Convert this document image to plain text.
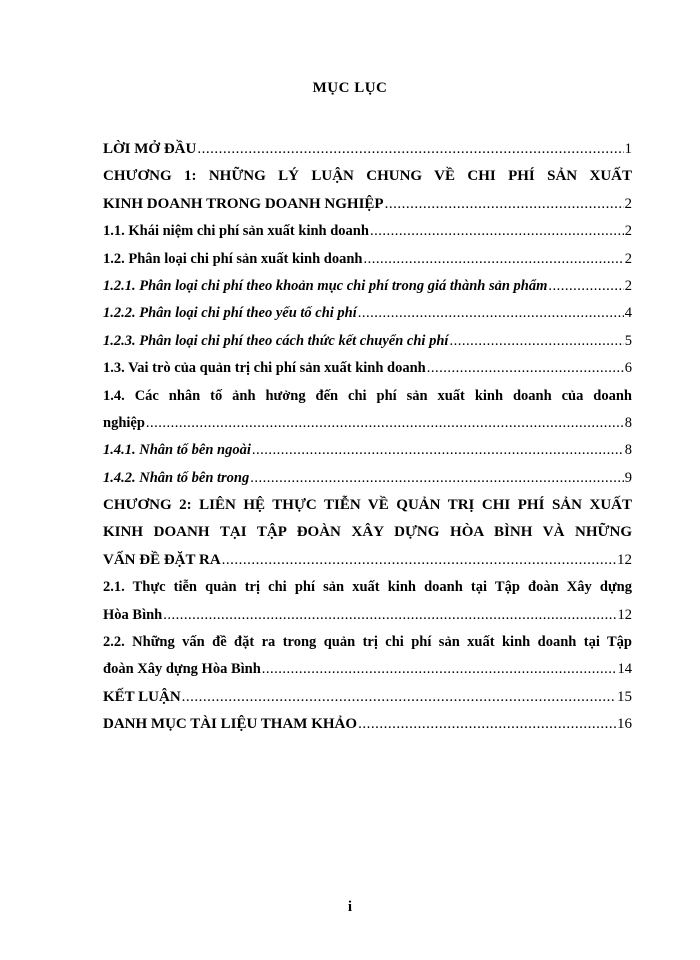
MỤC LỤC
LỜI MỞ ĐẦU .....	1
CHƯƠNG 1: NHỮNG LÝ LUẬN CHUNG VỀ CHI PHÍ SẢN XUẤT
KINH DOANH TRONG DOANH NGHIỆP .....	2
1.1. Khái niệm chi phí sản xuất kinh doanh .....	2
1.2. Phân loại chi phí sản xuất kinh doanh .....	2
1.2.1. Phân loại chi phí theo khoản mục chi phí trong giá thành sản phẩm .....	2
1.2.2. Phân loại chi phí theo yếu tố chi phí .....	4
1.2.3. Phân loại chi phí theo cách thức kết chuyển chi phí .....	5
1.3. Vai trò của quản trị chi phí sản xuất kinh doanh .....	6
1.4. Các nhân tố ảnh hưởng đến chi phí sản xuất kinh doanh của doanh
nghiệp .....	8
1.4.1. Nhân tố bên ngoài .....	8
1.4.2. Nhân tố bên trong .....	9
CHƯƠNG 2: LIÊN HỆ THỰC TIỄN VỀ QUẢN TRỊ CHI PHÍ SẢN XUẤT
KINH DOANH TẠI TẬP ĐOÀN XÂY DỰNG HÒA BÌNH VÀ NHỮNG
VẤN ĐỀ ĐẶT RA .....	12
2.1. Thực tiễn quản trị chi phí sản xuất kinh doanh tại Tập đoàn Xây dựng
Hòa Bình .....	12
2.2. Những vấn đề đặt ra trong quản trị chi phí sản xuất kinh doanh tại Tập
đoàn Xây dựng Hòa Bình .....	14
KẾT LUẬN .....	15
DANH MỤC TÀI LIỆU THAM KHẢO .....	16
i
